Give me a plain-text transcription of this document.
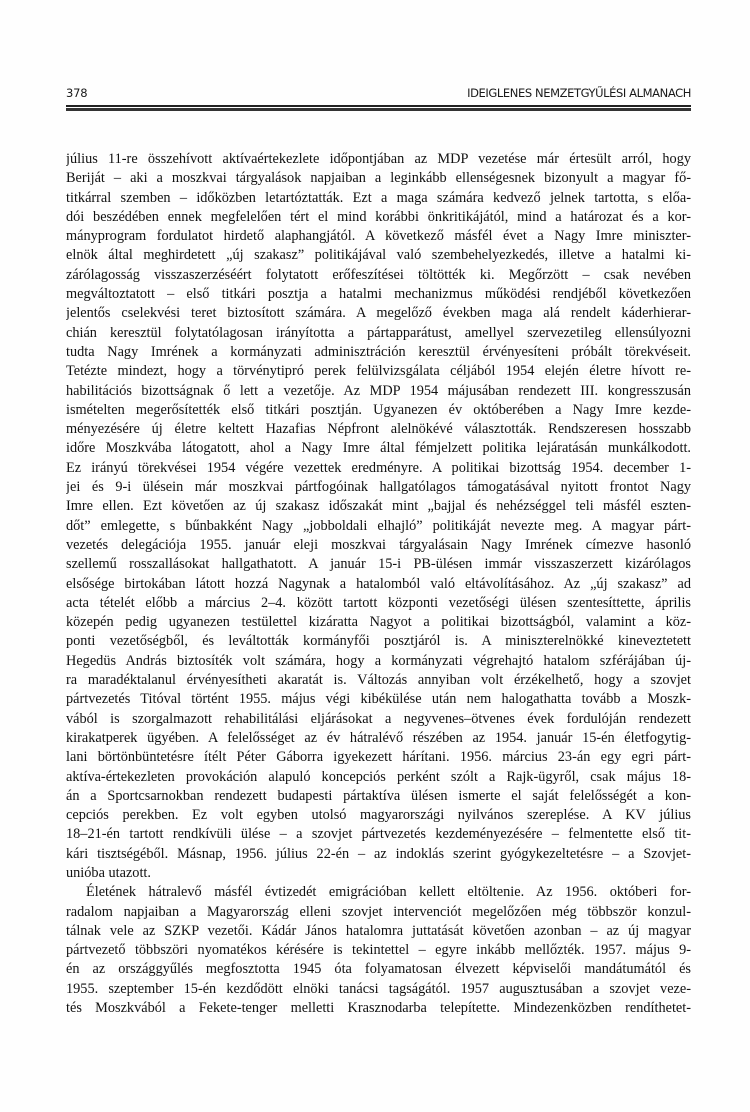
378	IDEIGLENES NEMZETGYŰLÉSI ALMANACH
július 11-re összehívott aktívaértekezlete időpontjában az MDP vezetése már értesült arról, hogy
Beriját – aki a moszkvai tárgyalások napjaiban a leginkább ellenségesnek bizonyult a magyar fő-
titkárral szemben – időközben letartóztatták. Ezt a maga számára kedvező jelnek tartotta, s előa-
dói beszédében ennek megfelelően tért el mind korábbi önkritikájától, mind a határozat és a kor-
mányprogram fordulatot hirdető alaphangjától. A következő másfél évet a Nagy Imre miniszter-
elnök által meghirdetett „új szakasz” politikájával való szembehelyezkedés, illetve a hatalmi ki-
zárólagosság visszaszerzéséért folytatott erőfeszítései töltötték ki. Megőrzött – csak nevében
megváltoztatott – első titkári posztja a hatalmi mechanizmus működési rendjéből következően
jelentős cselekvési teret biztosított számára. A megelőző években maga alá rendelt káderhierar-
chián keresztül folytatólagosan irányította a pártapparátust, amellyel szervezetileg ellensúlyozni
tudta Nagy Imrének a kormányzati adminisztráción keresztül érvényesíteni próbált törekvéseit.
Tetézte mindezt, hogy a törvénytipró perek felülvizsgálata céljából 1954 elején életre hívott re-
habilitációs bizottságnak ő lett a vezetője. Az MDP 1954 májusában rendezett III. kongresszusán
ismételten megerősítették első titkári posztján. Ugyanezen év októberében a Nagy Imre kezde-
ményezésére új életre keltett Hazafias Népfront alelnökévé választották. Rendszeresen hosszabb
időre Moszkvába látogatott, ahol a Nagy Imre által fémjelzett politika lejáratásán munkálkodott.
Ez irányú törekvései 1954 végére vezettek eredményre. A politikai bizottság 1954. december 1-
jei és 9-i ülésein már moszkvai pártfogóinak hallgatólagos támogatásával nyitott frontot Nagy
Imre ellen. Ezt követően az új szakasz időszakát mint „bajjal és nehézséggel teli másfél eszten-
dőt” emlegette, s bűnbakként Nagy „jobboldali elhajló” politikáját nevezte meg. A magyar párt-
vezetés delegációja 1955. január eleji moszkvai tárgyalásain Nagy Imrének címezve hasonló
szellemű rosszallásokat hallgathatott. A január 15-i PB-ülésen immár visszaszerzett kizárólagos
elsősége birtokában látott hozzá Nagynak a hatalomból való eltávolításához. Az „új szakasz” ad
acta tételét előbb a március 2–4. között tartott központi vezetőségi ülésen szentesíttette, április
közepén pedig ugyanezen testülettel kizáratta Nagyot a politikai bizottságból, valamint a köz-
ponti vezetőségből, és leváltották kormányfői posztjáról is. A miniszterelnökké kineveztetett
Hegedüs András biztosíték volt számára, hogy a kormányzati végrehajtó hatalom szférájában új-
ra maradéktalanul érvényesítheti akaratát is. Változás annyiban volt érzékelhető, hogy a szovjet
pártvezetés Titóval történt 1955. május végi kibékülése után nem halogathatta tovább a Moszk-
vából is szorgalmazott rehabilitálási eljárásokat a negyvenes–ötvenes évek fordulóján rendezett
kirakatperek ügyében. A felelősséget az év hátralévő részében az 1954. január 15-én életfogytig-
lani börtönbüntetésre ítélt Péter Gáborra igyekezett hárítani. 1956. március 23-án egy egri párt-
aktíva-értekezleten provokáción alapuló koncepciós perként szólt a Rajk-ügyről, csak május 18-
án a Sportcsarnokban rendezett budapesti pártaktíva ülésen ismerte el saját felelősségét a kon-
cepciós perekben. Ez volt egyben utolsó magyarországi nyilvános szereplése. A KV július
18–21-én tartott rendkívüli ülése – a szovjet pártvezetés kezdeményezésére – felmentette első tit-
kári tisztségéből. Másnap, 1956. július 22-én – az indoklás szerint gyógykezeltetésre – a Szovjet-
unióba utazott.
Életének hátralevő másfél évtizedét emigrációban kellett eltöltenie. Az 1956. októberi for-
radalom napjaiban a Magyarország elleni szovjet intervenciót megelőzően még többször konzul-
tálnak vele az SZKP vezetői. Kádár János hatalomra juttatását követően azonban – az új magyar
pártvezető többszöri nyomatékos kérésére is tekintettel – egyre inkább mellőzték. 1957. május 9-
én az országgyűlés megfosztotta 1945 óta folyamatosan élvezett képviselői mandátumától és
1955. szeptember 15-én kezdődött elnöki tanácsi tagságától. 1957 augusztusában a szovjet veze-
tés Moszkvából a Fekete-tenger melletti Krasznodarba telepítette. Mindezenközben rendíthetet-
